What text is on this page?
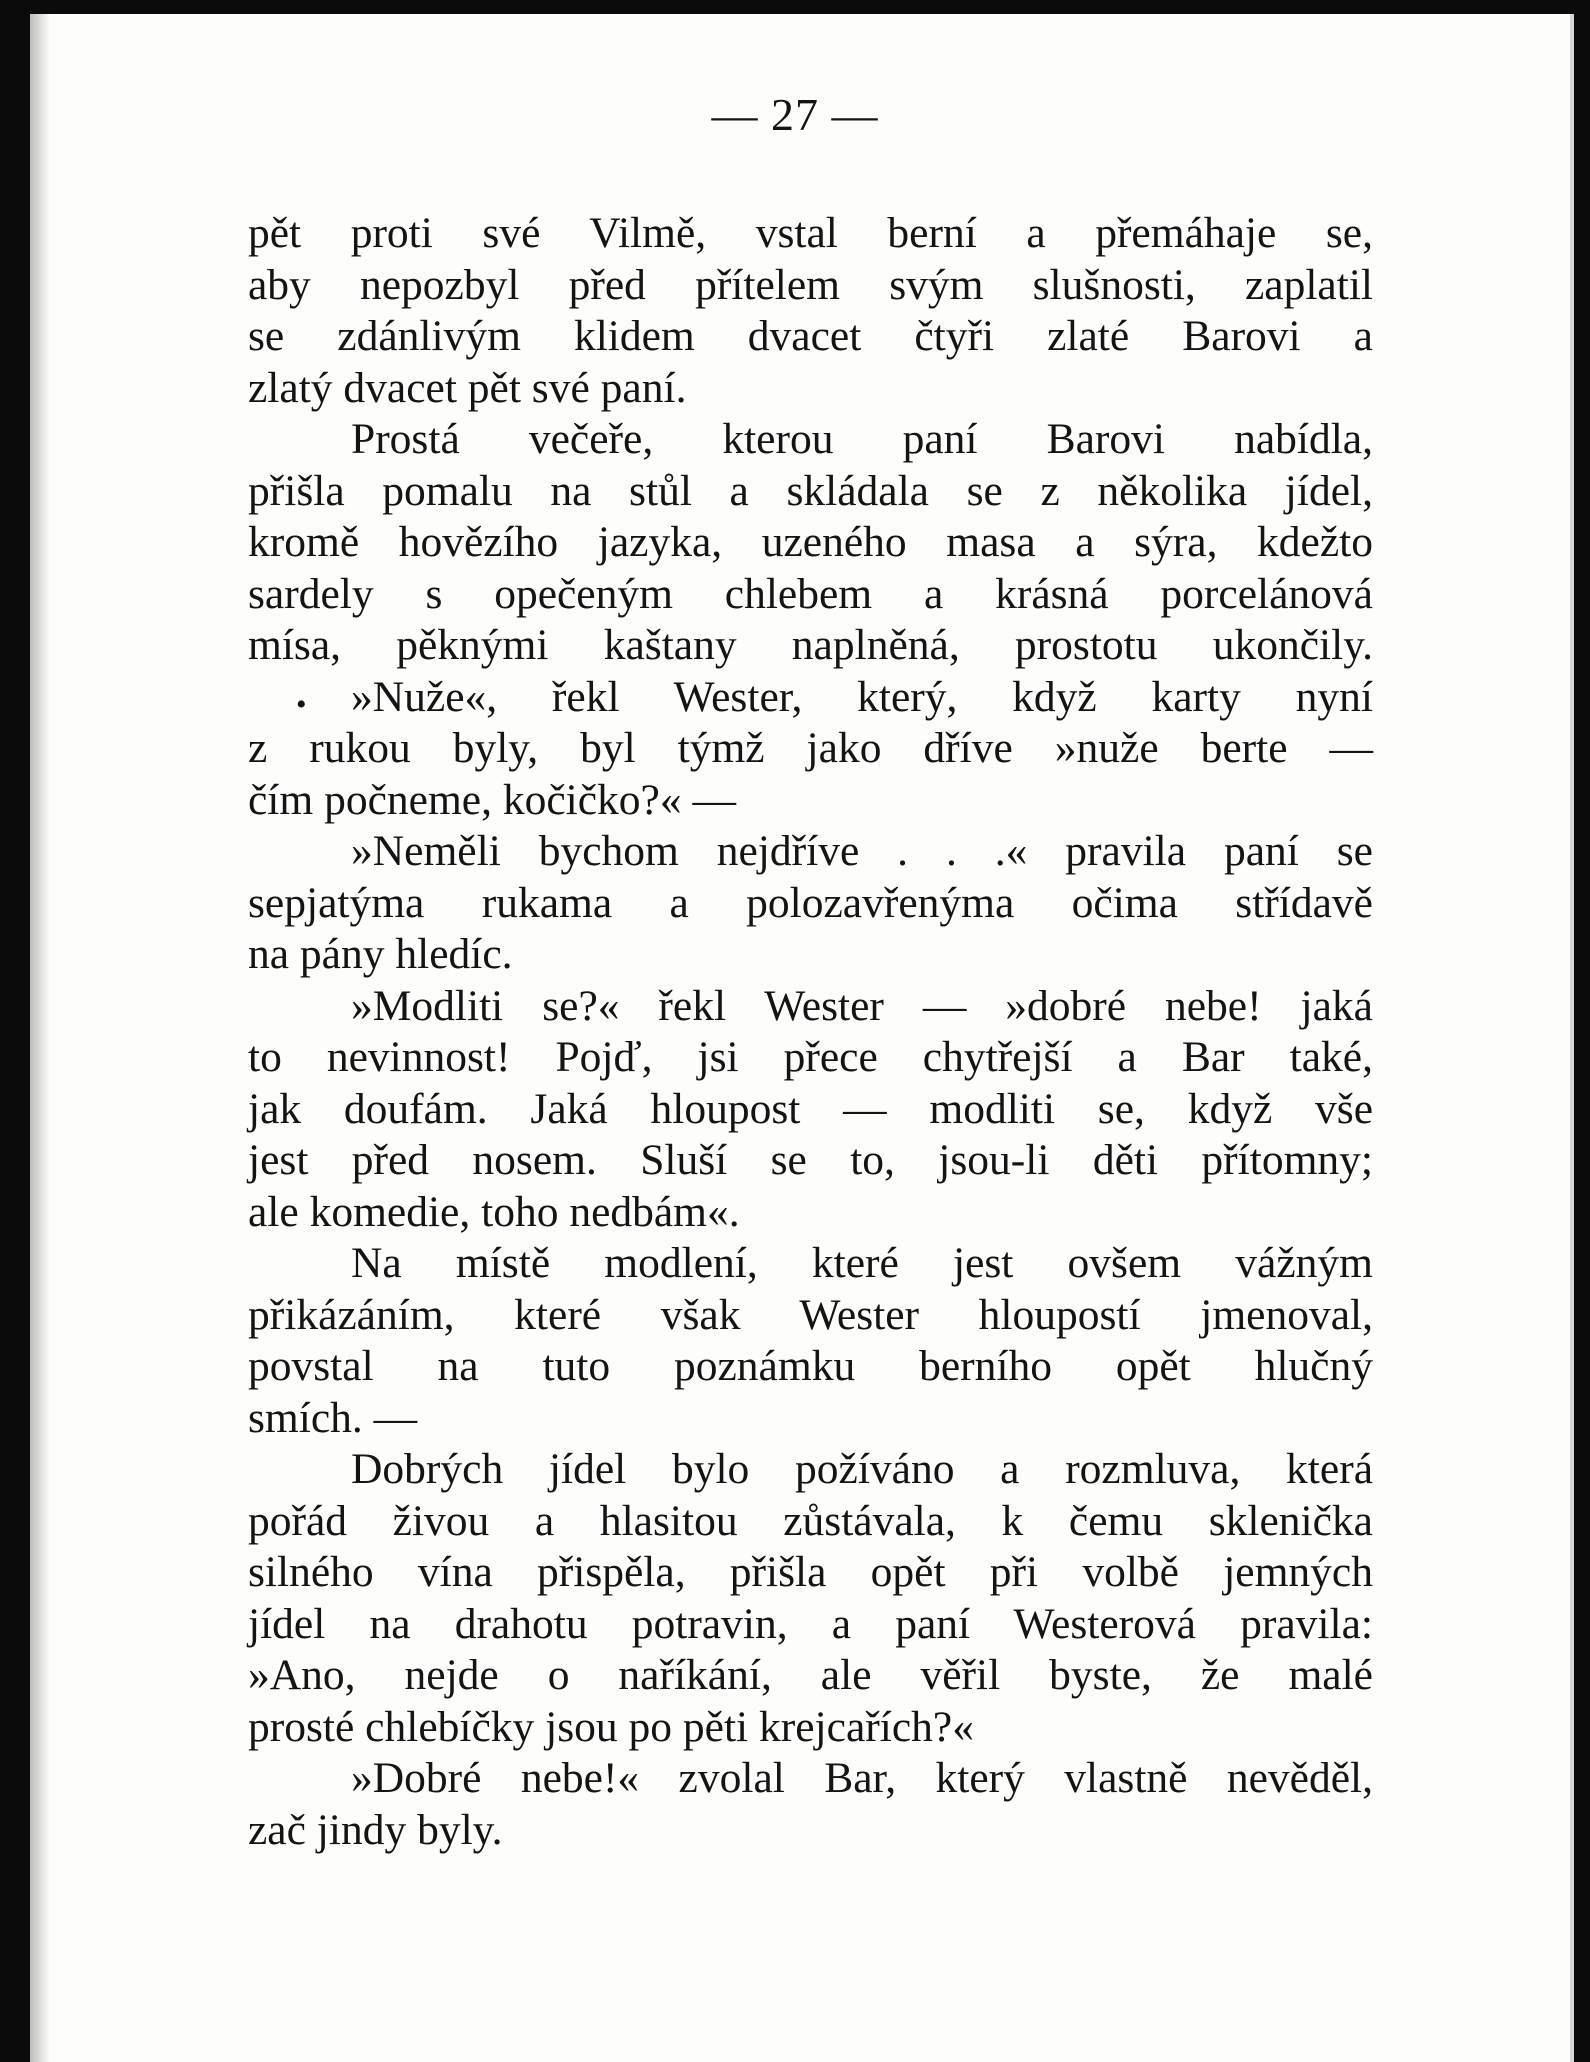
— 27 —
•
pět proti své Vilmě, vstal berní a přemáhaje se,
aby nepozbyl před přítelem svým slušnosti, zaplatil
se zdánlivým klidem dvacet čtyři zlaté Barovi a
zlatý dvacet pět své paní.
Prostá večeře, kterou paní Barovi nabídla,
přišla pomalu na stůl a skládala se z několika jídel,
kromě hovězího jazyka, uzeného masa a sýra, kdežto
sardely s opečeným chlebem a krásná porcelánová
mísa, pěknými kaštany naplněná, prostotu ukončily.
»Nuže«, řekl Wester, který, když karty nyní
z rukou byly, byl týmž jako dříve »nuže berte —
čím počneme, kočičko?« —
»Neměli bychom nejdříve . . .« pravila paní se
sepjatýma rukama a polozavřenýma očima střídavě
na pány hledíc.
»Modliti se?« řekl Wester — »dobré nebe! jaká
to nevinnost! Pojď, jsi přece chytřejší a Bar také,
jak doufám. Jaká hloupost — modliti se, když vše
jest před nosem. Sluší se to, jsou-li děti přítomny;
ale komedie, toho nedbám«.
Na místě modlení, které jest ovšem vážným
přikázáním, které však Wester hloupostí jmenoval,
povstal na tuto poznámku berního opět hlučný
smích. —
Dobrých jídel bylo požíváno a rozmluva, která
pořád živou a hlasitou zůstávala, k čemu sklenička
silného vína přispěla, přišla opět při volbě jemných
jídel na drahotu potravin, a paní Westerová pravila:
»Ano, nejde o naříkání, ale věřil byste, že malé
prosté chlebíčky jsou po pěti krejcařích?«
»Dobré nebe!« zvolal Bar, který vlastně nevěděl,
zač jindy byly.
